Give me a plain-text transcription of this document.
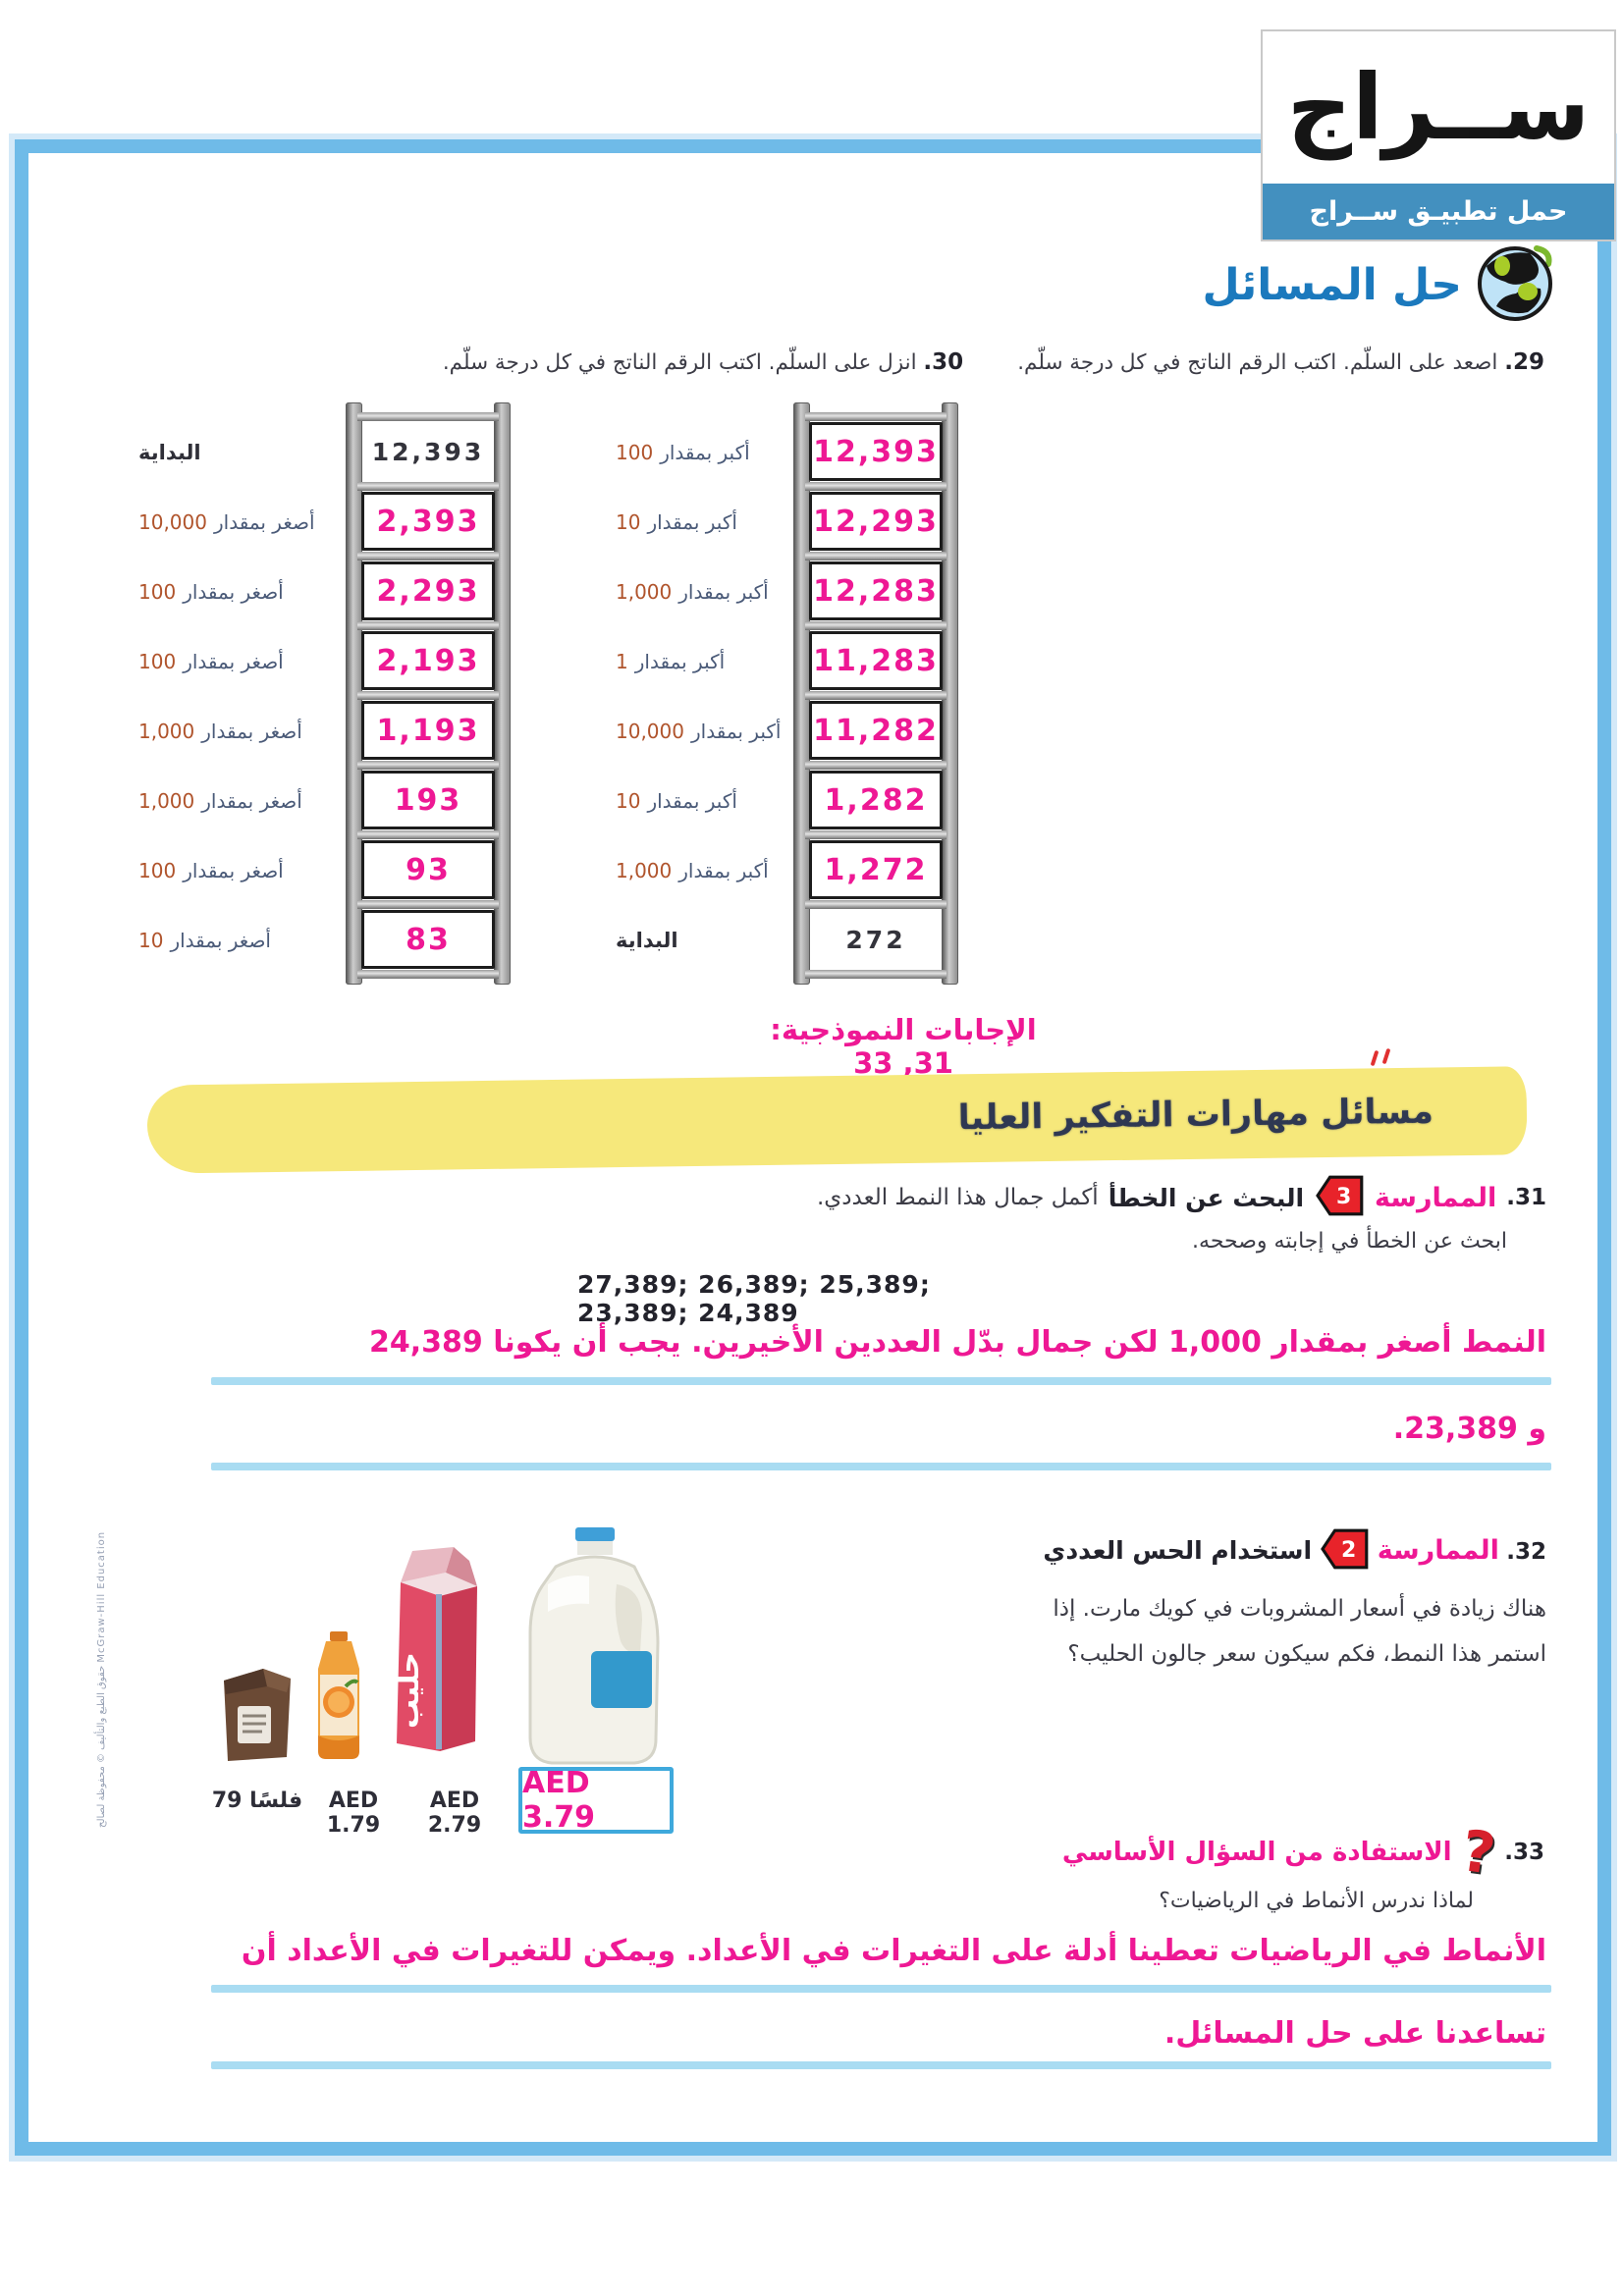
ســراج
حمل تطبيـق ســراج
حل المسائل
29. اصعد على السلّم. اكتب الرقم الناتج في كل درجة سلّم.
30. انزل على السلّم. اكتب الرقم الناتج في كل درجة سلّم.
أكبر بمقدار
100
أكبر بمقدار
10
أكبر بمقدار
1,000
أكبر بمقدار
1
أكبر بمقدار
10,000
أكبر بمقدار
10
أكبر بمقدار
1,000
البداية
12,393
12,293
12,283
11,283
11,282
1,282
1,272
272
البداية
أصغر بمقدار
10,000
أصغر بمقدار
100
أصغر بمقدار
100
أصغر بمقدار
1,000
أصغر بمقدار
1,000
أصغر بمقدار
100
أصغر بمقدار
10
12,393
2,393
2,293
2,193
1,193
193
93
83
الإجابات النموذجية: 31, 33
مسائل مهارات التفكير العليا
31.
الممارسة
3
البحث عن الخطأ
أكمل جمال هذا النمط العددي.
ابحث عن الخطأ في إجابته وصححه.
27,389; 26,389; 25,389; 23,389; 24,389
النمط أصغر بمقدار 1,000 لكن جمال بدّل العددين الأخيرين. يجب أن يكونا 24,389
و 23,389.
32. الممارسة
2
استخدام الحس العددي هناك زيادة في أسعار المشروبات في كويك مارت. إذا استمر هذا النمط، فكم سيكون سعر جالون الحليب؟
حليب
79 فلسًا	AED 1.79
AED 2.79
AED 3.79
33.
?
الاستفادة من السؤال الأساسي
لماذا ندرس الأنماط في الرياضيات؟
الأنماط في الرياضيات تعطينا أدلة على التغيرات في الأعداد. ويمكن للتغيرات في الأعداد أن
تساعدنا على حل المسائل.
حقوق الطبع والتأليف © محفوظة لصالح McGraw-Hill Education
